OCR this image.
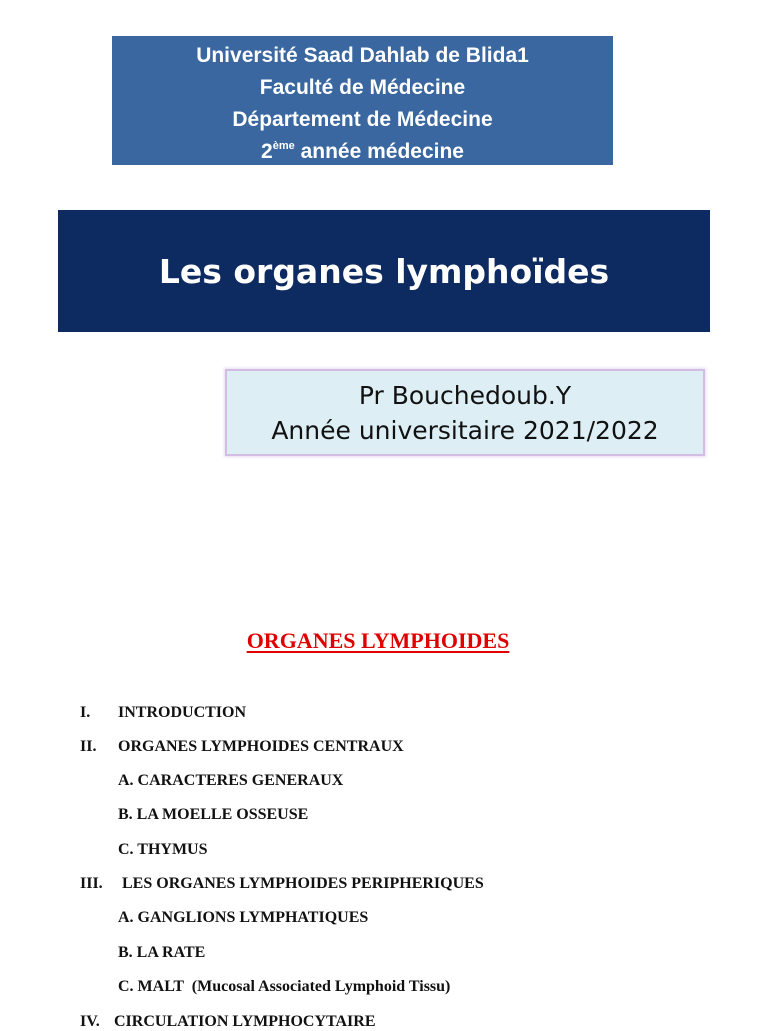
Université Saad Dahlab de Blida1
Faculté de Médecine
Département de Médecine
2ème année médecine
Les organes lymphoïdes
Pr Bouchedoub.Y
Année universitaire 2021/2022
ORGANES LYMPHOIDES
I. INTRODUCTION
II. ORGANES LYMPHOIDES CENTRAUX
A. CARACTERES GENERAUX
B. LA MOELLE OSSEUSE
C. THYMUS
III. LES ORGANES LYMPHOIDES PERIPHERIQUES
A. GANGLIONS LYMPHATIQUES
B. LA RATE
C. MALT  (Mucosal Associated Lymphoid Tissu)
IV. CIRCULATION LYMPHOCYTAIRE
